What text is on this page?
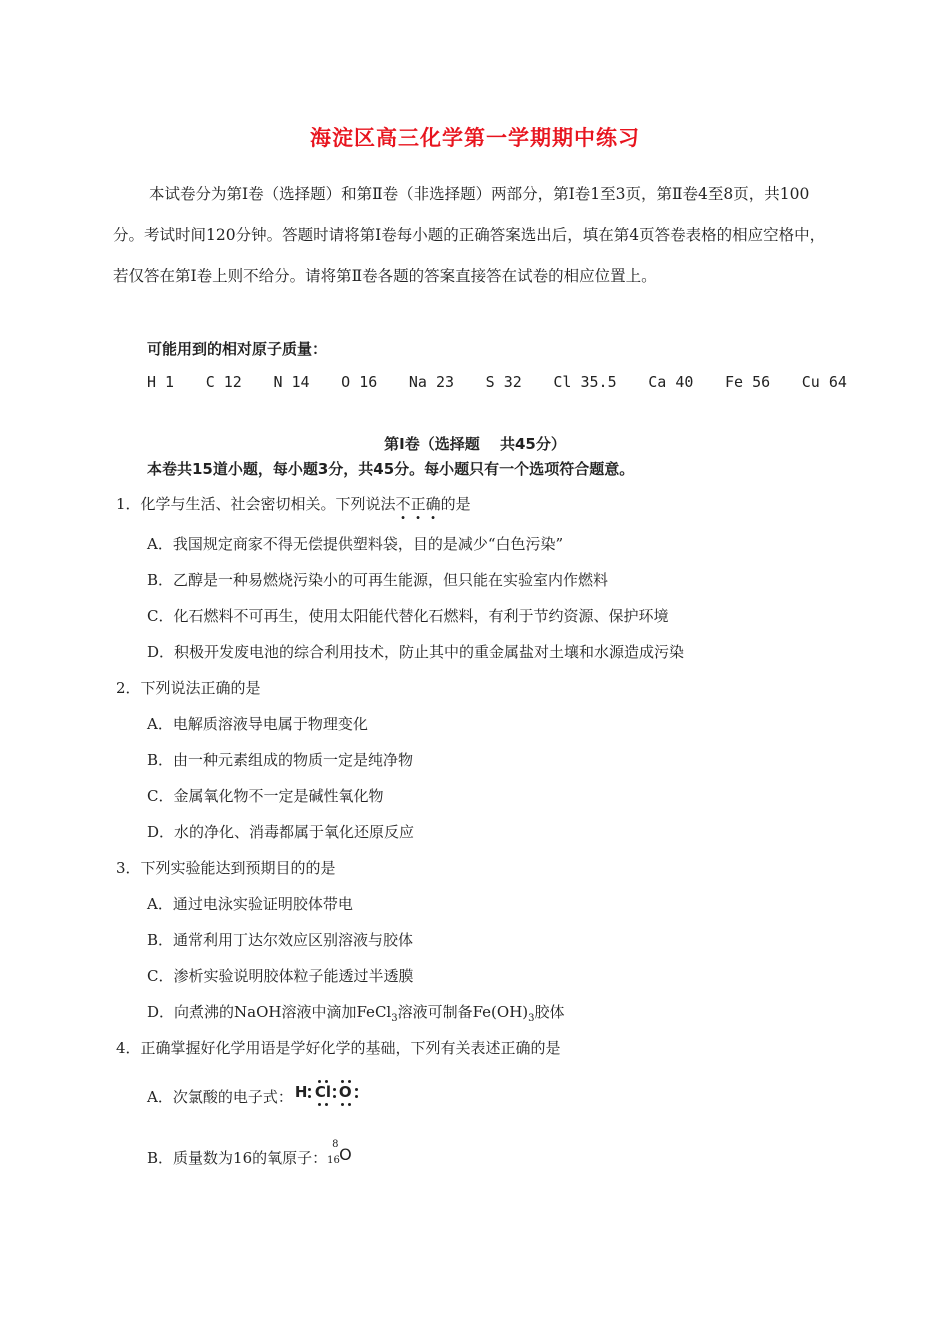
海淀区高三化学第一学期期中练习
本试卷分为第Ⅰ卷（选择题）和第Ⅱ卷（非选择题）两部分，第Ⅰ卷1至3页，第Ⅱ卷4至8页，共100分。考试时间120分钟。答题时请将第Ⅰ卷每小题的正确答案选出后，填在第4页答卷表格的相应空格中，若仅答在第Ⅰ卷上则不给分。请将第Ⅱ卷各题的答案直接答在试卷的相应位置上。
可能用到的相对原子质量：
H 1 C 12 N 14 O 16 Na 23 S 32 Cl 35.5 Ca 40 Fe 56 Cu 64
第Ⅰ卷（选择题　 共45分）
本卷共15道小题，每小题3分，共45分。每小题只有一个选项符合题意。
1．化学与生活、社会密切相关。下列说法不正确的是
A．我国规定商家不得无偿提供塑料袋，目的是减少“白色污染”
B．乙醇是一种易燃烧污染小的可再生能源，但只能在实验室内作燃料
C．化石燃料不可再生，使用太阳能代替化石燃料，有利于节约资源、保护环境
D．积极开发废电池的综合利用技术，防止其中的重金属盐对土壤和水源造成污染
2．下列说法正确的是
A．电解质溶液导电属于物理变化
B．由一种元素组成的物质一定是纯净物
C．金属氧化物不一定是碱性氧化物
D．水的净化、消毒都属于氧化还原反应
3．下列实验能达到预期目的的是
A．通过电泳实验证明胶体带电
B．通常利用丁达尔效应区别溶液与胶体
C．渗析实验说明胶体粒子能透过半透膜
D．向煮沸的NaOH溶液中滴加FeCl$_3$溶液可制备$Fe(OH)_3$胶体
4．正确掌握好化学用语是学好化学的基础，下列有关表述正确的是
A．次氯酸的电子式： H Cl O
B．质量数为16的氧原子：
8
16 O
